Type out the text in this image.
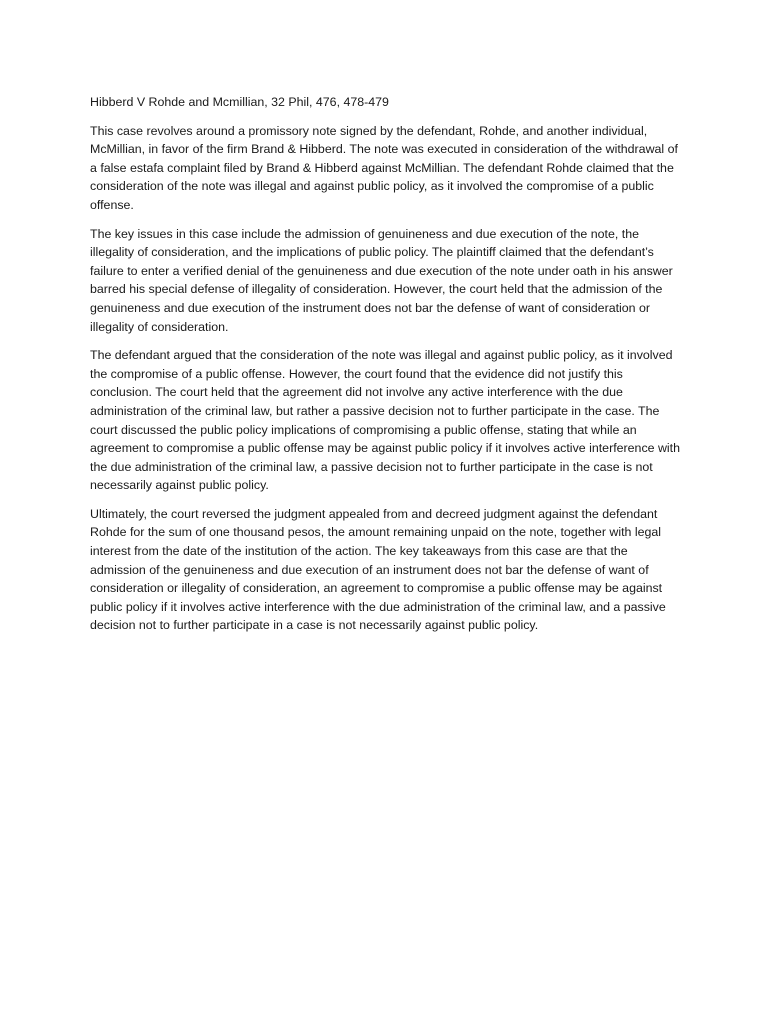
Hibberd V Rohde and Mcmillian, 32 Phil, 476, 478-479

This case revolves around a promissory note signed by the defendant, Rohde, and another individual, McMillian, in favor of the firm Brand & Hibberd. The note was executed in consideration of the withdrawal of a false estafa complaint filed by Brand & Hibberd against McMillian. The defendant Rohde claimed that the consideration of the note was illegal and against public policy, as it involved the compromise of a public offense.

The key issues in this case include the admission of genuineness and due execution of the note, the illegality of consideration, and the implications of public policy. The plaintiff claimed that the defendant’s failure to enter a verified denial of the genuineness and due execution of the note under oath in his answer barred his special defense of illegality of consideration. However, the court held that the admission of the genuineness and due execution of the instrument does not bar the defense of want of consideration or illegality of consideration.

The defendant argued that the consideration of the note was illegal and against public policy, as it involved the compromise of a public offense. However, the court found that the evidence did not justify this conclusion. The court held that the agreement did not involve any active interference with the due administration of the criminal law, but rather a passive decision not to further participate in the case. The court discussed the public policy implications of compromising a public offense, stating that while an agreement to compromise a public offense may be against public policy if it involves active interference with the due administration of the criminal law, a passive decision not to further participate in the case is not necessarily against public policy.

Ultimately, the court reversed the judgment appealed from and decreed judgment against the defendant Rohde for the sum of one thousand pesos, the amount remaining unpaid on the note, together with legal interest from the date of the institution of the action. The key takeaways from this case are that the admission of the genuineness and due execution of an instrument does not bar the defense of want of consideration or illegality of consideration, an agreement to compromise a public offense may be against public policy if it involves active interference with the due administration of the criminal law, and a passive decision not to further participate in a case is not necessarily against public policy.
